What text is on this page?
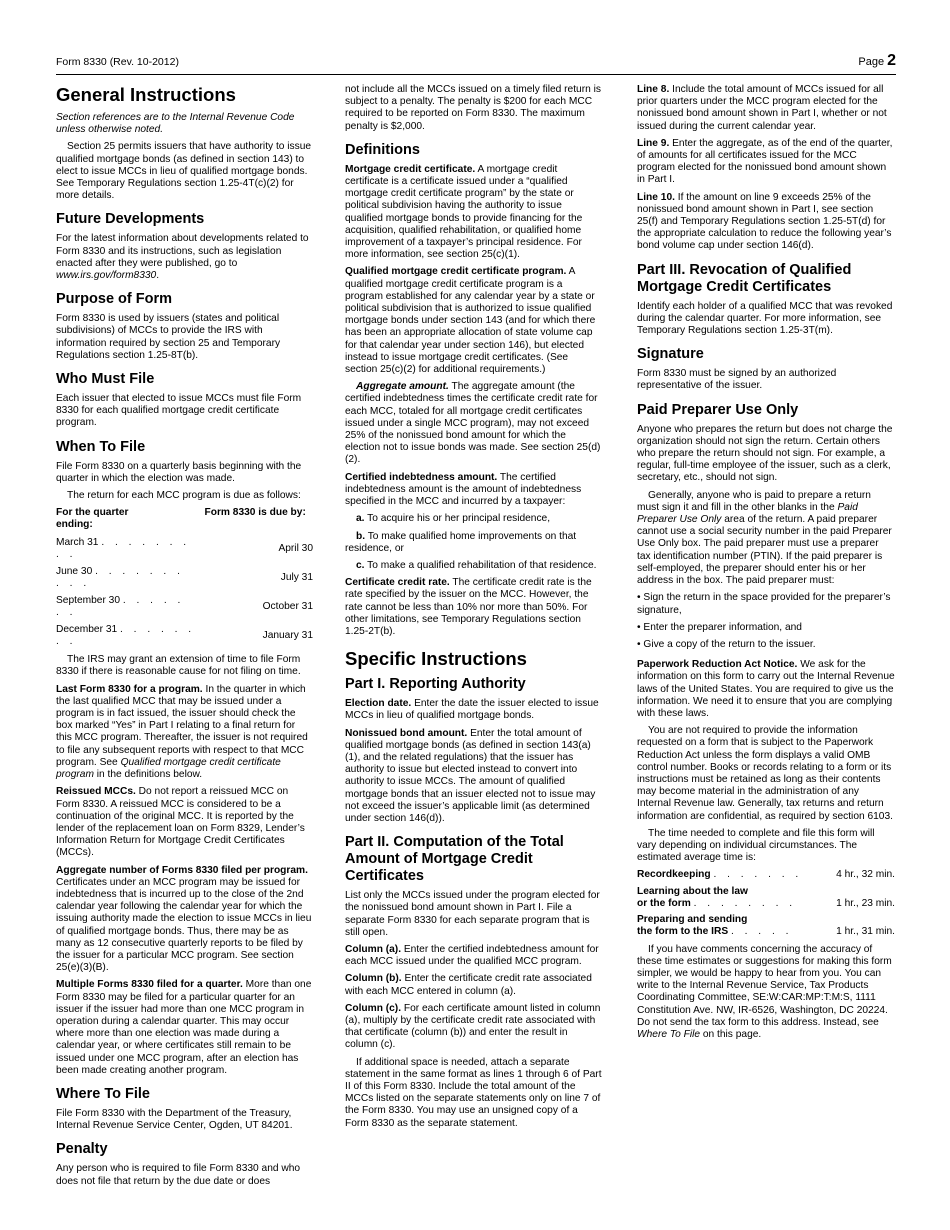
Form 8330 (Rev. 10-2012)	Page 2
General Instructions

Section references are to the Internal Revenue Code unless otherwise noted.

Section 25 permits issuers that have authority to issue qualified mortgage bonds (as defined in section 143) to elect to issue MCCs in lieu of qualified mortgage bonds. See Temporary Regulations section 1.25-4T(c)(2) for more details.

Future Developments

For the latest information about developments related to Form 8330 and its instructions, such as legislation enacted after they were published, go to www.irs.gov/form8330.

Purpose of Form

Form 8330 is used by issuers (states and political subdivisions) of MCCs to provide the IRS with information required by section 25 and Temporary Regulations section 1.25-8T(b).

Who Must File

Each issuer that elected to issue MCCs must file Form 8330 for each qualified mortgage credit certificate program.

When To File

File Form 8330 on a quarterly basis beginning with the quarter in which the election was made.

The return for each MCC program is due as follows:

For the quarter ending:	Form 8330 is due by:
March 31 . . . . . . . . .	April 30
June 30 . . . . . . . . . .	July 31
September 30 . . . . . . .	October 31
December 31 . . . . . . . .	January 31

The IRS may grant an extension of time to file Form 8330 if there is reasonable cause for not filing on time.

Last Form 8330 for a program. In the quarter in which the last qualified MCC that may be issued under a program is in fact issued, the issuer should check the box marked “Yes” in Part I relating to a final return for this MCC program. Thereafter, the issuer is not required to file any subsequent reports with respect to that MCC program. See Qualified mortgage credit certificate program in the definitions below.

Reissued MCCs. Do not report a reissued MCC on Form 8330. A reissued MCC is considered to be a continuation of the original MCC. It is reported by the lender of the replacement loan on Form 8329, Lender’s Information Return for Mortgage Credit Certificates (MCCs).

Aggregate number of Forms 8330 filed per program. Certificates under an MCC program may be issued for indebtedness that is incurred up to the close of the 2nd calendar year following the calendar year for which the issuing authority made the election to issue MCCs in lieu of qualified mortgage bonds. Thus, there may be as many as 12 consecutive quarterly reports to be filed by the issuer for a particular MCC program. See section 25(e)(3)(B).

Multiple Forms 8330 filed for a quarter. More than one Form 8330 may be filed for a particular quarter for an issuer if the issuer had more than one MCC program in operation during a calendar quarter. This may occur where more than one election was made during a calendar year, or where certificates still remain to be issued under one MCC program, after an election has been made creating another program.

Where To File

File Form 8330 with the Department of the Treasury, Internal Revenue Service Center, Ogden, UT 84201.

Penalty

Any person who is required to file Form 8330 and who does not file that return by the due date or does

not include all the MCCs issued on a timely filed return is subject to a penalty. The penalty is $200 for each MCC required to be reported on Form 8330. The maximum penalty is $2,000.

Definitions

Mortgage credit certificate. A mortgage credit certificate is a certificate issued under a “qualified mortgage credit certificate program” by the state or political subdivision having the authority to issue qualified mortgage bonds to provide financing for the acquisition, qualified rehabilitation, or qualified home improvement of a taxpayer’s principal residence. For more information, see section 25(c)(1).

Qualified mortgage credit certificate program. A qualified mortgage credit certificate program is a program established for any calendar year by a state or political subdivision that is authorized to issue qualified mortgage bonds under section 143 (and for which there has been an appropriate allocation of state volume cap for that calendar year under section 146), but elected instead to issue mortgage credit certificates. (See section 25(c)(2) for additional requirements.)

Aggregate amount. The aggregate amount (the certified indebtedness times the certificate credit rate for each MCC, totaled for all mortgage credit certificates issued under a single MCC program), may not exceed 25% of the nonissued bond amount for which the election not to issue bonds was made. See section 25(d)(2).

Certified indebtedness amount. The certified indebtedness amount is the amount of indebtedness specified in the MCC and incurred by a taxpayer:

a. To acquire his or her principal residence,

b. To make qualified home improvements on that residence, or

c. To make a qualified rehabilitation of that residence.

Certificate credit rate. The certificate credit rate is the rate specified by the issuer on the MCC. However, the rate cannot be less than 10% nor more than 50%. For other limitations, see Temporary Regulations section 1.25-2T(b).

Specific Instructions
Part I. Reporting Authority

Election date. Enter the date the issuer elected to issue MCCs in lieu of qualified mortgage bonds.

Nonissued bond amount. Enter the total amount of qualified mortgage bonds (as defined in section 143(a)(1), and the related regulations) that the issuer has authority to issue but elected instead to convert into authority to issue MCCs. The amount of qualified mortgage bonds that an issuer elected not to issue may not exceed the issuer’s applicable limit (as determined under section 146(d)).

Part II. Computation of the Total Amount of Mortgage Credit Certificates

List only the MCCs issued under the program elected for the nonissued bond amount shown in Part I. File a separate Form 8330 for each separate program that is still open.

Column (a). Enter the certified indebtedness amount for each MCC issued under the qualified MCC program.

Column (b). Enter the certificate credit rate associated with each MCC entered in column (a).

Column (c). For each certificate amount listed in column (a), multiply by the certificate credit rate associated with that certificate (column (b)) and enter the result in column (c).

If additional space is needed, attach a separate statement in the same format as lines 1 through 6 of Part II of this Form 8330. Include the total amount of the MCCs listed on the separate statements only on line 7 of the Form 8330. You may use an unsigned copy of a Form 8330 as the separate statement.

Line 8. Include the total amount of MCCs issued for all prior quarters under the MCC program elected for the nonissued bond amount shown in Part I, whether or not issued during the current calendar year.

Line 9. Enter the aggregate, as of the end of the quarter, of amounts for all certificates issued for the MCC program elected for the nonissued bond amount shown in Part I.

Line 10. If the amount on line 9 exceeds 25% of the nonissued bond amount shown in Part I, see section 25(f) and Temporary Regulations section 1.25-5T(d) for the appropriate calculation to reduce the following year’s bond volume cap under section 146(d).

Part III. Revocation of Qualified Mortgage Credit Certificates

Identify each holder of a qualified MCC that was revoked during the calendar quarter. For more information, see Temporary Regulations section 1.25-3T(m).

Signature

Form 8330 must be signed by an authorized representative of the issuer.

Paid Preparer Use Only

Anyone who prepares the return but does not charge the organization should not sign the return. Certain others who prepare the return should not sign. For example, a regular, full-time employee of the issuer, such as a clerk, secretary, etc., should not sign.

Generally, anyone who is paid to prepare a return must sign it and fill in the other blanks in the Paid Preparer Use Only area of the return. A paid preparer cannot use a social security number in the paid Preparer Use Only box. The paid preparer must use a preparer tax identification number (PTIN). If the paid preparer is self-employed, the preparer should enter his or her address in the box. The paid preparer must:

• Sign the return in the space provided for the preparer’s signature,

• Enter the preparer information, and

• Give a copy of the return to the issuer.

Paperwork Reduction Act Notice. We ask for the information on this form to carry out the Internal Revenue laws of the United States. You are required to give us the information. We need it to ensure that you are complying with these laws.

You are not required to provide the information requested on a form that is subject to the Paperwork Reduction Act unless the form displays a valid OMB control number. Books or records relating to a form or its instructions must be retained as long as their contents may become material in the administration of any Internal Revenue law. Generally, tax returns and return information are confidential, as required by section 6103.

The time needed to complete and file this form will vary depending on individual circumstances. The estimated average time is:

Recordkeeping . . . . . . .	4 hr., 32 min.
Learning about the law
or the form . . . . . . . .	1 hr., 23 min.
Preparing and sending
the form to the IRS . . . . .	1 hr., 31 min.

If you have comments concerning the accuracy of these time estimates or suggestions for making this form simpler, we would be happy to hear from you. You can write to the Internal Revenue Service, Tax Products Coordinating Committee, SE:W:CAR:MP:T:M:S, 1111 Constitution Ave. NW, IR-6526, Washington, DC 20224. Do not send the tax form to this address. Instead, see Where To File on this page.
